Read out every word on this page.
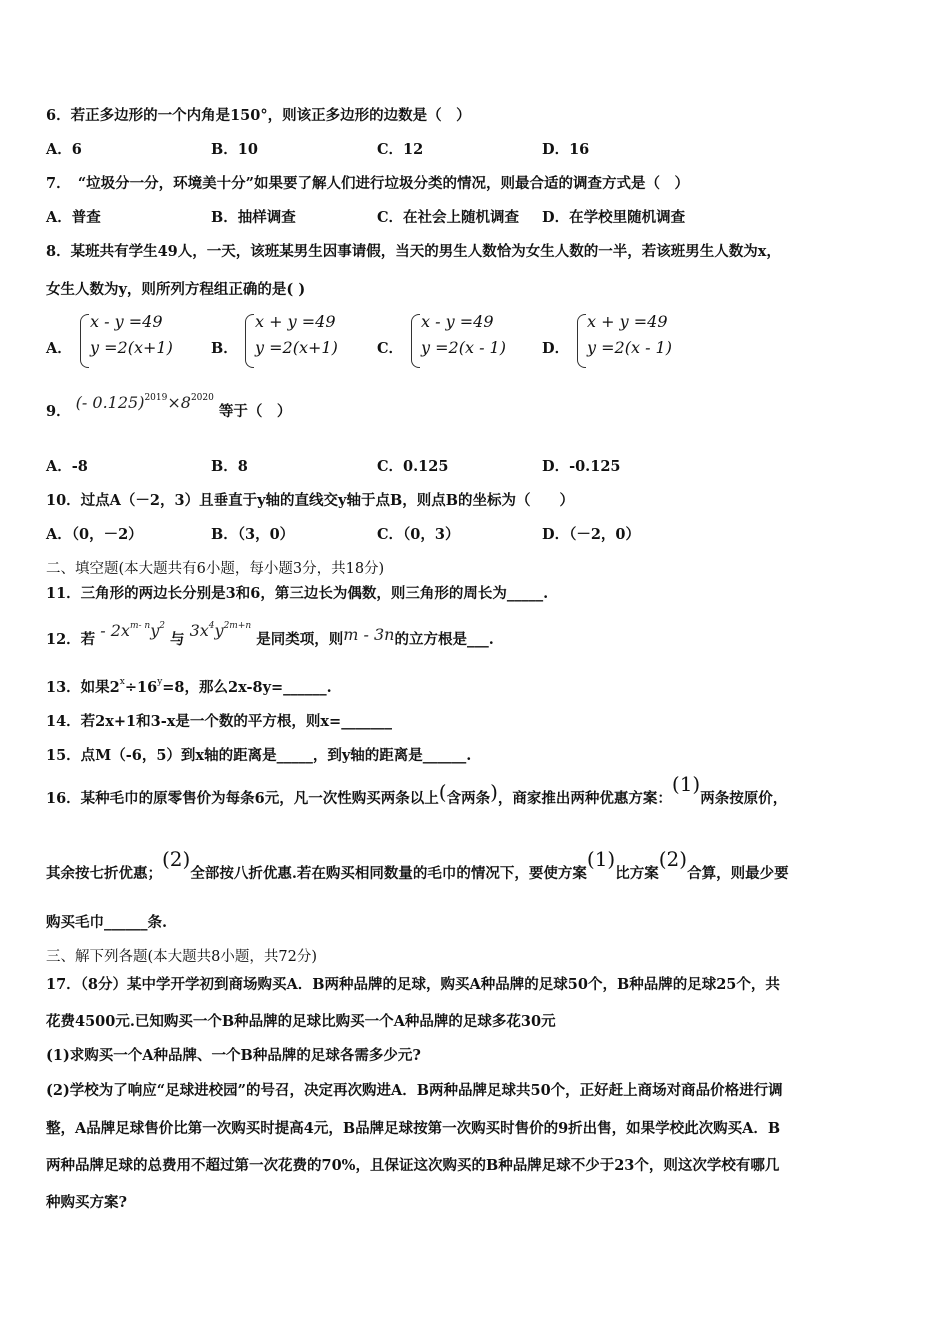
6．若正多边形的一个内角是150°，则该正多边形的边数是（　）
A．6	B．10	C．12	D．16
7．　“垃圾分一分，环境美十分”如果要了解人们进行垃圾分类的情况，则最合适的调查方式是（　）
A．普查	B．抽样调查	C．在社会上随机调查 D．在学校里随机调查
8．某班共有学生49人，一天，该班某男生因事请假，当天的男生人数恰为女生人数的一半，若该班男生人数为x，
女生人数为y，则所列方程组正确的是( )
A．
x - y =49
y =2(x+1)	B．
x + y =49
y =2(x+1)	C．
x - y =49
y =2(x - 1) D．
x + y =49
y =2(x - 1)
9． (- $0.125)^{2019}\times 8^{2020}$ 等于（　）
A．-8	B．8	C．0.125	D．-0.125
10．过点A（－2，3）且垂直于y轴的直线交y轴于点B，则点B的坐标为（　　）
A．（0，－2）	B．（3，0）	C．（0，3）	D．（－2，0）
二、填空题(本大题共有6小题，每小题3分，共18分)
11．三角形的两边长分别是3和6，第三边长为偶数，则三角形的周长为_____.
12．若 - $2x^{m- n}y^2$ 与 $3x^4y^{2m+n}$ 是同类项，则m - 3n的立方根是___.
13．如果$2^x\div 16^y=8$，那么2x-8y=______.
14．若2x+1和3-x是一个数的平方根，则x=_______
15．点M（-6，5）到x轴的距离是_____，到y轴的距离是______.
16．某种毛巾的原零售价为每条6元，凡一次性购买两条以上(含两条)，商家推出两种优惠方案：(1)两条按原价，
其余按七折优惠；(2)全部按八折优惠.若在购买相同数量的毛巾的情况下，要使方案(1)比方案(2)合算，则最少要
购买毛巾______条.
三、解下列各题(本大题共8小题，共72分)
17．（8分）某中学开学初到商场购买A．B两种品牌的足球，购买A种品牌的足球50个，B种品牌的足球25个，共
花费4500元.已知购买一个B种品牌的足球比购买一个A种品牌的足球多花30元
(1)求购买一个A种品牌、一个B种品牌的足球各需多少元?
(2)学校为了响应“足球进校园”的号召，决定再次购进A．B两种品牌足球共50个，正好赶上商场对商品价格进行调
整，A品牌足球售价比第一次购买时提高4元，B品牌足球按第一次购买时售价的9折出售，如果学校此次购买A．B
两种品牌足球的总费用不超过第一次花费的70%，且保证这次购买的B种品牌足球不少于23个，则这次学校有哪几
种购买方案?
